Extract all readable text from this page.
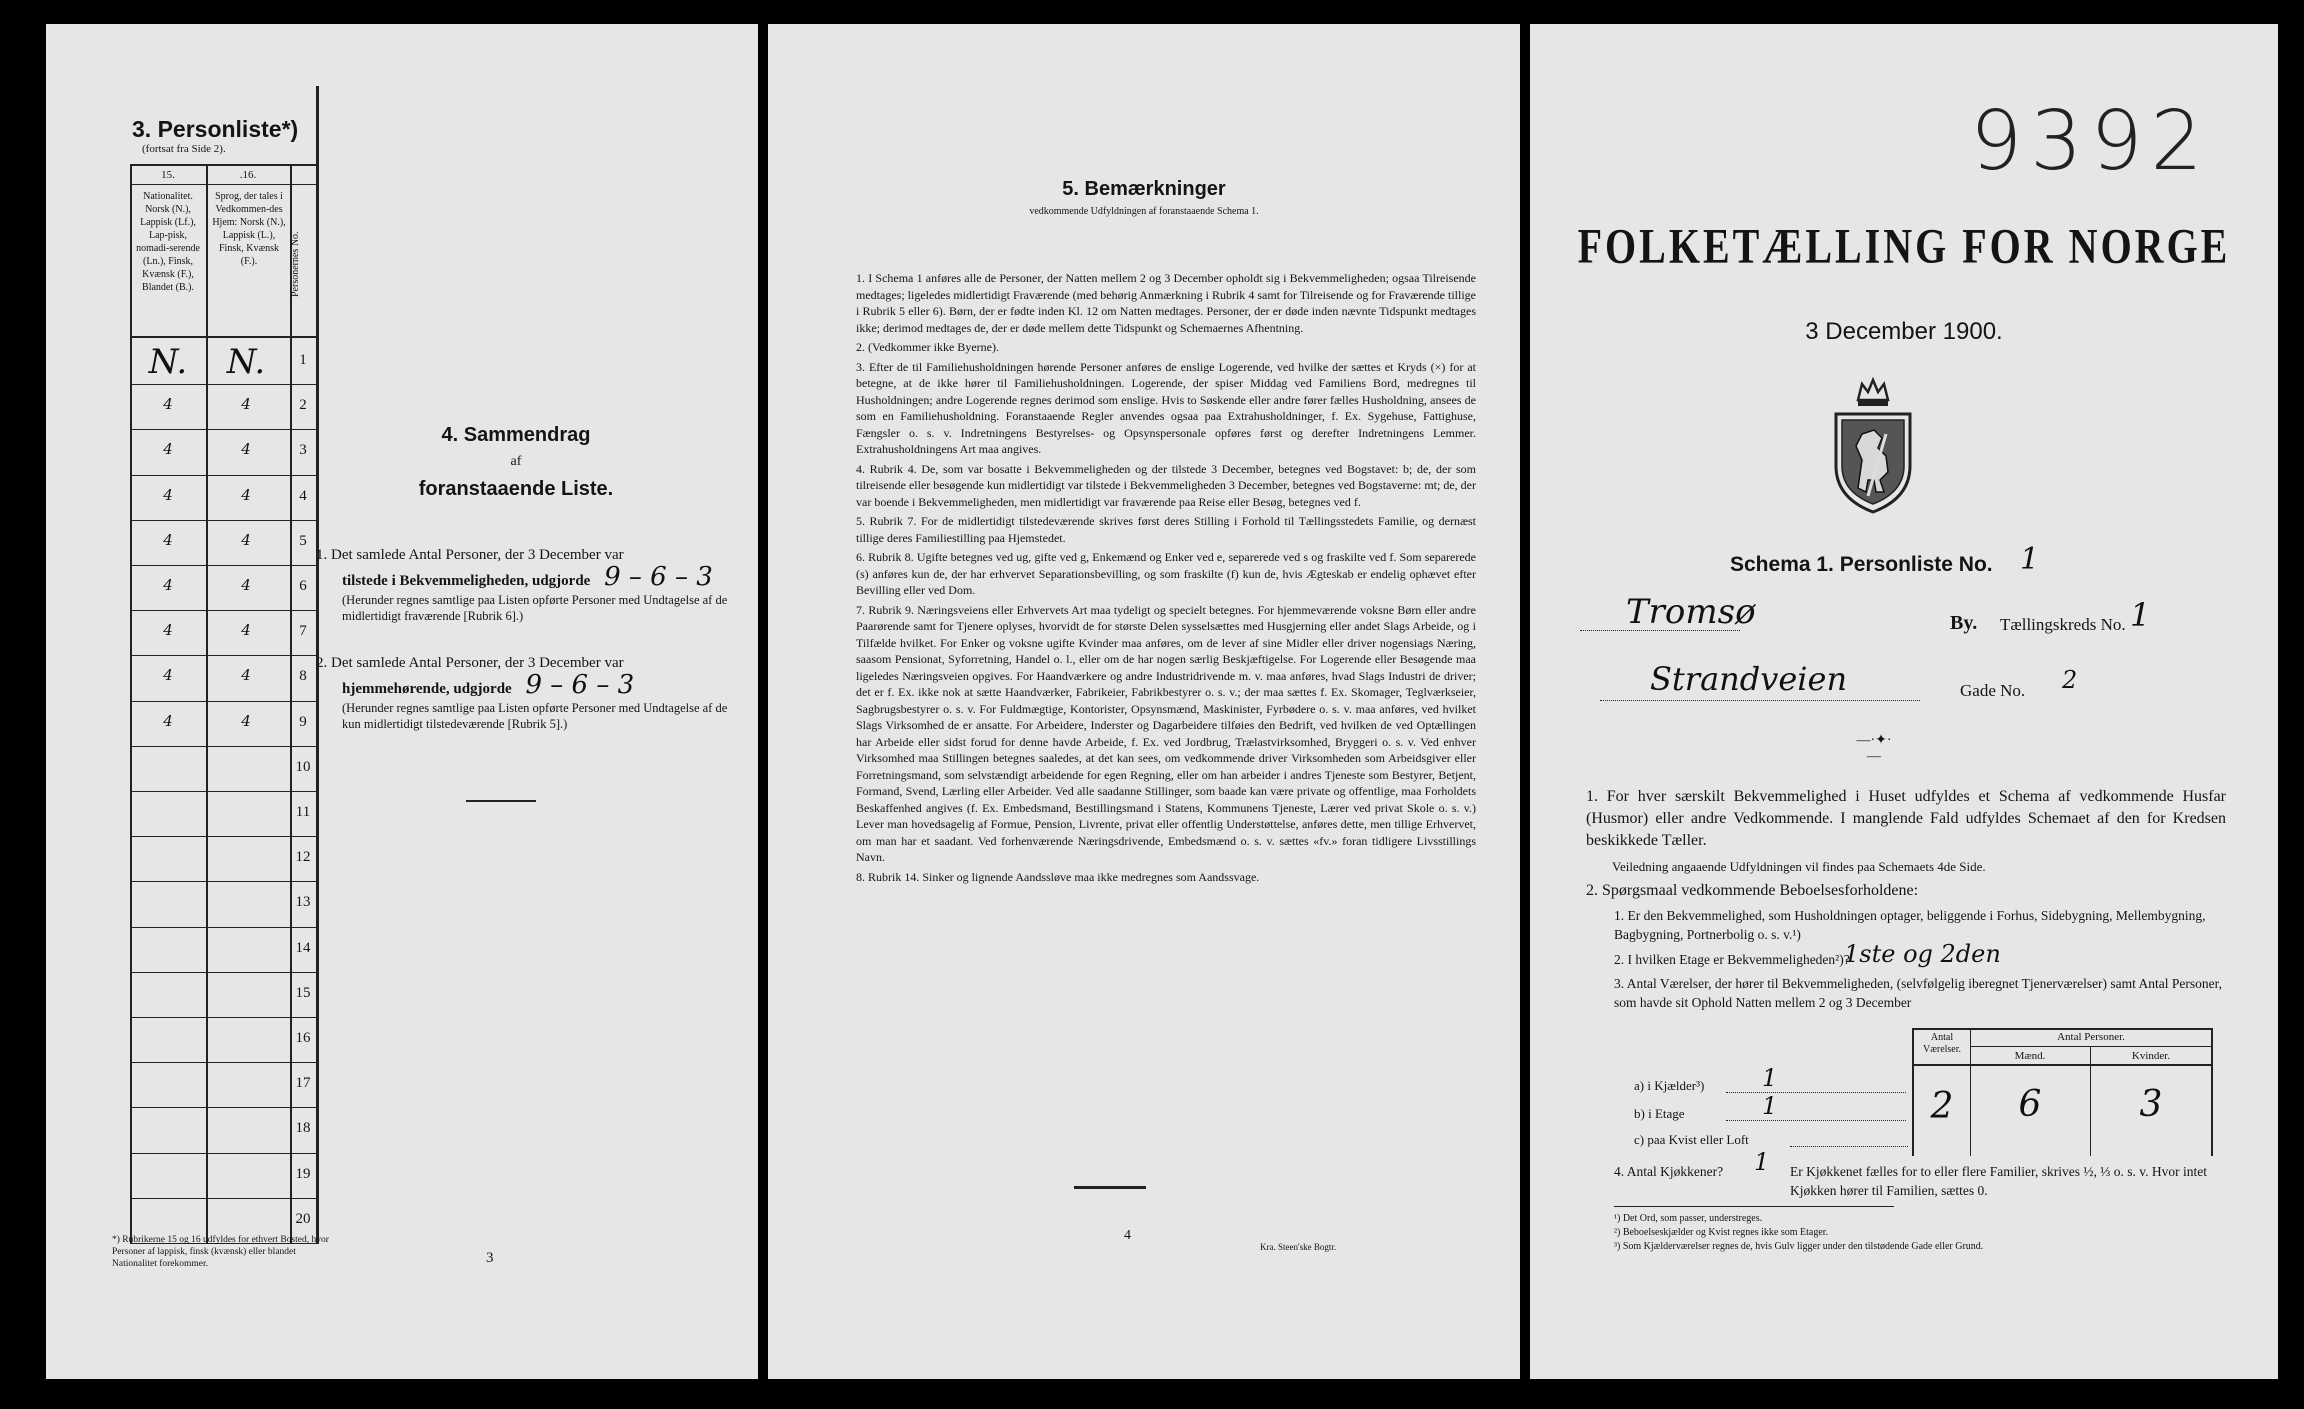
3. Personliste*)
(fortsat fra Side 2).
15.	.16.
Nationalitet. Norsk (N.), Lappisk (Lf.), Lap-pisk, nomadi-serende (Ln.), Finsk, Kvænsk (F.), Blandet (B.).
Sprog, der tales i Vedkommen-des Hjem: Norsk (N.), Lappisk (L.), Finsk, Kvænsk (F.).	Personernes No.
1
N.	N.
2
4	4
3
4	4
4
4	4
5
4	4
6
4	4
7
4	4
8
4	4
9
4	4
10
11
12
13
14
15
16
17
18
19
20
*) Rubrikerne 15 og 16 udfyldes for ethvert Bosted, hvor Personer af lappisk, finsk (kvænsk) eller blandet Nationalitet forekommer.
4. Sammendrag
af
foranstaaende Liste.
1. Det samlede Antal Personer, der 3 December var
tilstede i Bekvemmeligheden, udgjorde 9 – 6 – 3
(Herunder regnes samtlige paa Listen opførte Personer med Undtagelse af de midlertidigt fraværende [Rubrik 6].)
2. Det samlede Antal Personer, der 3 December var
hjemmehørende, udgjorde 9 – 6 – 3
(Herunder regnes samtlige paa Listen opførte Personer med Undtagelse af de kun midlertidigt tilstedeværende [Rubrik 5].)
3
5. Bemærkninger
vedkommende Udfyldningen af foranstaaende Schema 1.

1. I Schema 1 anføres alle de Personer, der Natten mellem 2 og 3 December opholdt sig i Bekvemmeligheden; ogsaa Tilreisende medtages; ligeledes midlertidigt Fraværende (med behørig Anmærkning i Rubrik 4 samt for Tilreisende og for Fraværende tillige i Rubrik 5 eller 6). Børn, der er fødte inden Kl. 12 om Natten medtages. Personer, der er døde inden nævnte Tidspunkt medtages ikke; derimod medtages de, der er døde mellem dette Tidspunkt og Schemaernes Afhentning.

2. (Vedkommer ikke Byerne).

3. Efter de til Familiehusholdningen hørende Personer anføres de enslige Logerende, ved hvilke der sættes et Kryds (×) for at betegne, at de ikke hører til Familiehusholdningen. Logerende, der spiser Middag ved Familiens Bord, medregnes til Husholdningen; andre Logerende regnes derimod som enslige. Hvis to Søskende eller andre fører fælles Husholdning, ansees de som en Familiehusholdning. Foranstaaende Regler anvendes ogsaa paa Extrahusholdninger, f. Ex. Sygehuse, Fattighuse, Fængsler o. s. v. Indretningens Bestyrelses- og Opsynspersonale opføres først og derefter Indretningens Lemmer. Extrahusholdningens Art maa angives.

4. Rubrik 4. De, som var bosatte i Bekvemmeligheden og der tilstede 3 December, betegnes ved Bogstavet: b; de, der som tilreisende eller besøgende kun midlertidigt var tilstede i Bekvemmeligheden 3 December, betegnes ved Bogstaverne: mt; de, der var boende i Bekvemmeligheden, men midlertidigt var fraværende paa Reise eller Besøg, betegnes ved f.

5. Rubrik 7. For de midlertidigt tilstedeværende skrives først deres Stilling i Forhold til Tællingsstedets Familie, og dernæst tillige deres Familiestilling paa Hjemstedet.

6. Rubrik 8. Ugifte betegnes ved ug, gifte ved g, Enkemænd og Enker ved e, separerede ved s og fraskilte ved f. Som separerede (s) anføres kun de, der har erhvervet Separationsbevilling, og som fraskilte (f) kun de, hvis Ægteskab er endelig ophævet efter Bevilling eller ved Dom.

7. Rubrik 9. Næringsveiens eller Erhvervets Art maa tydeligt og specielt betegnes. For hjemmeværende voksne Børn eller andre Paarørende samt for Tjenere oplyses, hvorvidt de for største Delen sysselsættes med Husgjerning eller andet Slags Arbeide, og i Tilfælde hvilket. For Enker og voksne ugifte Kvinder maa anføres, om de lever af sine Midler eller driver nogensiags Næring, saasom Pensionat, Syforretning, Handel o. l., eller om de har nogen særlig Beskjæftigelse. For Logerende eller Besøgende maa ligeledes Næringsveien opgives. For Haandværkere og andre Industridrivende m. v. maa anføres, hvad Slags Industri de driver; det er f. Ex. ikke nok at sætte Haandværker, Fabrikeier, Fabrikbestyrer o. s. v.; der maa sættes f. Ex. Skomager, Teglværkseier, Sagbrugsbestyrer o. s. v. For Fuldmægtige, Kontorister, Opsynsmænd, Maskinister, Fyrbødere o. s. v. maa anføres, ved hvilket Slags Virksomhed de er ansatte. For Arbeidere, Inderster og Dagarbeidere tilføies den Bedrift, ved hvilken de ved Optællingen har Arbeide eller sidst forud for denne havde Arbeide, f. Ex. ved Jordbrug, Trælastvirksomhed, Bryggeri o. s. v. Ved enhver Virksomhed maa Stillingen betegnes saaledes, at det kan sees, om vedkommende driver Virksomheden som Arbeidsgiver eller Forretningsmand, som selvstændigt arbeidende for egen Regning, eller om han arbeider i andres Tjeneste som Bestyrer, Betjent, Formand, Svend, Lærling eller Arbeider. Ved alle saadanne Stillinger, som baade kan være private og offentlige, maa Forholdets Beskaffenhed angives (f. Ex. Embedsmand, Bestillingsmand i Statens, Kommunens Tjeneste, Lærer ved privat Skole o. s. v.) Lever man hovedsagelig af Formue, Pension, Livrente, privat eller offentlig Understøttelse, anføres dette, men tillige Erhvervet, om man har et saadant. Ved forhenværende Næringsdrivende, Embedsmænd o. s. v. sættes «fv.» foran tidligere Livsstillings Navn.

8. Rubrik 14. Sinker og lignende Aandssløve maa ikke medregnes som Aandssvage.

4
Kra. Steen'ske Bogtr.
9392
FOLKETÆLLING FOR NORGE
3 December 1900.
Schema 1. Personliste No. 1
Tromsø	By. Tællingskreds No. 1
Strandveien	Gade No. 2
—·✦·—
1. For hver særskilt Bekvemmelighed i Huset udfyldes et Schema af vedkommende Husfar (Husmor) eller andre Vedkommende. I manglende Fald udfyldes Schemaet af den for Kredsen beskikkede Tæller.
Veiledning angaaende Udfyldningen vil findes paa Schemaets 4de Side.
2. Spørgsmaal vedkommende Beboelsesforholdene:
1. Er den Bekvemmelighed, som Husholdningen optager, beliggende i Forhus, Sidebygning, Mellembygning, Bagbygning, Portnerbolig o. s. v.¹)
2. I hvilken Etage er Bekvemmeligheden²)?
1ste og 2den
3. Antal Værelser, der hører til Bekvemmeligheden, (selvfølgelig iberegnet Tjenerværelser) samt Antal Personer, som havde sit Ophold Natten mellem 2 og 3 December
Antal Værelser.
Antal Personer.
Mænd.	Kvinder.
a) i Kjælder³) 1
b) i Etage	1
c) paa Kvist eller Loft
2	6	3
4. Antal Kjøkkener? 1 Er Kjøkkenet fælles for to eller flere Familier, skrives ½, ⅓ o. s. v. Hvor intet Kjøkken hører til Familien, sættes 0.
¹) Det Ord, som passer, understreges.
²) Beboelseskjælder og Kvist regnes ikke som Etager.
³) Som Kjælderværelser regnes de, hvis Gulv ligger under den tilstødende Gade eller Grund.
